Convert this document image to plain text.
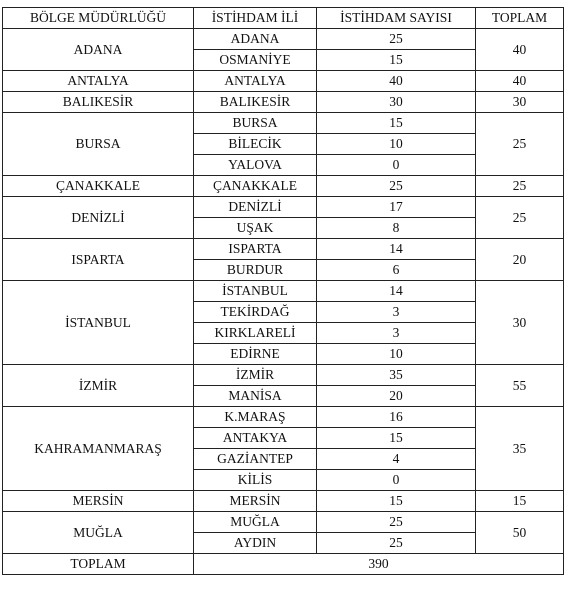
BÖLGE MÜDÜRLÜĞÜ	İSTİHDAM İLİ	İSTİHDAM SAYISI	TOPLAM
ADANA	ADANA	25	40
	OSMANİYE	15	
ANTALYA	ANTALYA	40	40
BALIKESİR	BALIKESİR	30	30
BURSA	BURSA	15	25
	BİLECİK	10	
	YALOVA	0	
ÇANAKKALE	ÇANAKKALE	25	25
DENİZLİ	DENİZLİ	17	25
	UŞAK	8	
ISPARTA	ISPARTA	14	20
	BURDUR	6	
İSTANBUL	İSTANBUL	14	30
	TEKİRDAĞ	3	
	KIRKLARELİ	3	
	EDİRNE	10	
İZMİR	İZMİR	35	55
	MANİSA	20	
KAHRAMANMARAŞ	K.MARAŞ	16	35
	ANTAKYA	15	
	GAZİANTEP	4	
	KİLİS	0	
MERSİN	MERSİN	15	15
MUĞLA	MUĞLA	25	50
	AYDIN	25	
TOPLAM	390		
